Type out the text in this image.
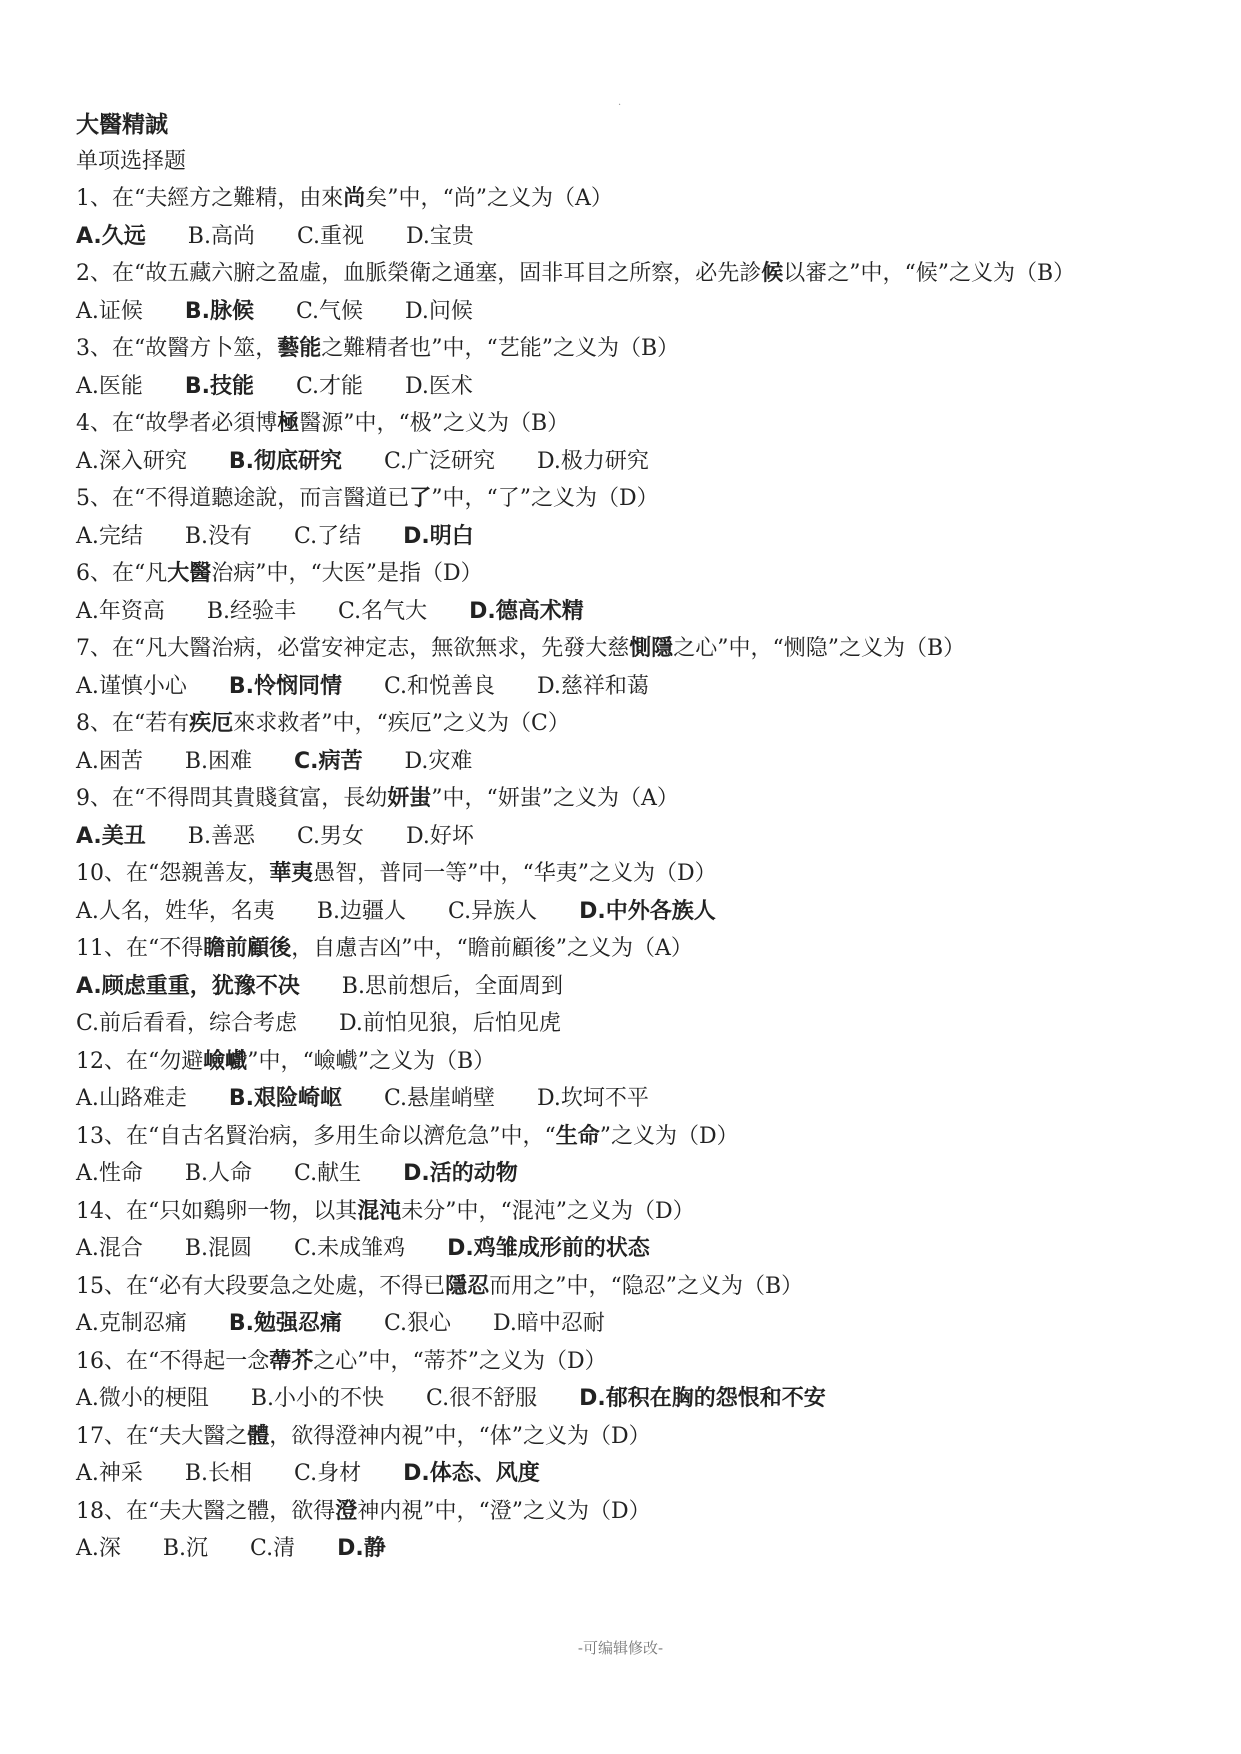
·
大醫精誠
单项选择题
1、在“夫經方之難精，由來尚矣”中，“尚”之义为（A）
A.久远 B.高尚 C.重视 D.宝贵
2、在“故五藏六腑之盈虛，血脈榮衛之通塞，固非耳目之所察，必先診候以審之”中，“候”之义为（B）
A.证候 B.脉候 C.气候 D.问候
3、在“故醫方卜筮，藝能之難精者也”中，“艺能”之义为（B）
A.医能 B.技能 C.才能 D.医术
4、在“故學者必須博極醫源”中，“极”之义为（B）
A.深入研究 B.彻底研究 C.广泛研究 D.极力研究
5、在“不得道聽途說，而言醫道已了”中，“了”之义为（D）
A.完结 B.没有 C.了结 D.明白
6、在“凡大醫治病”中，“大医”是指（D）
A.年资高 B.经验丰 C.名气大 D.德高术精
7、在“凡大醫治病，必當安神定志，無欲無求，先發大慈惻隱之心”中，“恻隐”之义为（B）
A.谨慎小心 B.怜悯同情 C.和悦善良 D.慈祥和蔼
8、在“若有疾厄來求救者”中，“疾厄”之义为（C）
A.困苦 B.困难 C.病苦 D.灾难
9、在“不得問其貴賤貧富，長幼妍蚩”中，“妍蚩”之义为（A）
A.美丑 B.善恶 C.男女 D.好坏
10、在“怨親善友，華夷愚智，普同一等”中，“华夷”之义为（D）
A.人名，姓华，名夷 B.边疆人 C.异族人 D.中外各族人
11、在“不得瞻前顧後，自慮吉凶”中，“瞻前顧後”之义为（A）
A.顾虑重重，犹豫不决 B.思前想后，全面周到
C.前后看看，综合考虑 D.前怕见狼，后怕见虎
12、在“勿避嶮巇”中，“嶮巇”之义为（B）
A.山路难走 B.艰险崎岖 C.悬崖峭壁 D.坎坷不平
13、在“自古名賢治病，多用生命以濟危急”中，“生命”之义为（D）
A.性命 B.人命 C.献生 D.活的动物
14、在“只如鷄卵一物，以其混沌未分”中，“混沌”之义为（D）
A.混合 B.混圆 C.未成雏鸡 D.鸡雏成形前的状态
15、在“必有大段要急之处處，不得已隱忍而用之”中，“隐忍”之义为（B）
A.克制忍痛 B.勉强忍痛 C.狠心 D.暗中忍耐
16、在“不得起一念蔕芥之心”中，“蒂芥”之义为（D）
A.微小的梗阻 B.小小的不快 C.很不舒服 D.郁积在胸的怨恨和不安
17、在“夫大醫之體，欲得澄神内視”中，“体”之义为（D）
A.神采 B.长相 C.身材 D.体态、风度
18、在“夫大醫之體，欲得澄神内視”中，“澄”之义为（D）
A.深 B.沉 C.清 D.静
-可编辑修改-
